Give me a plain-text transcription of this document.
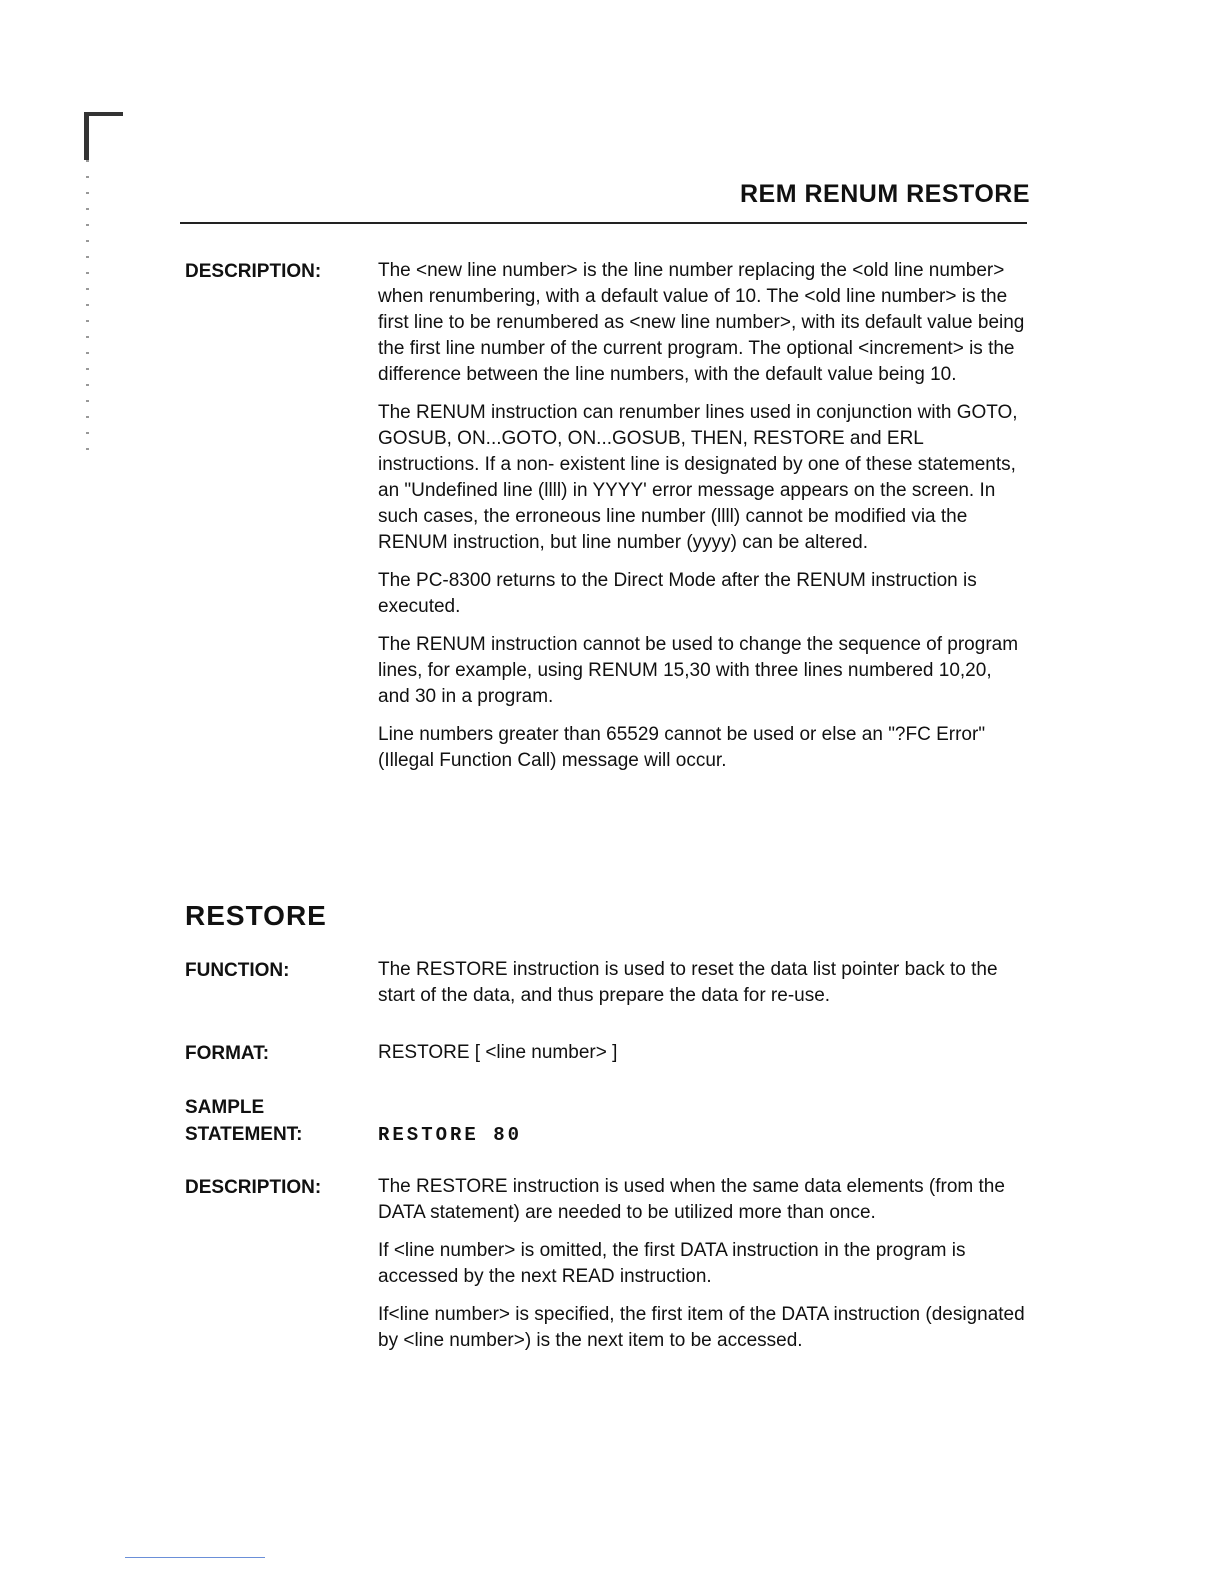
REM RENUM RESTORE
DESCRIPTION:	The <new line number> is the line number replacing the <old line number> when renumbering, with a default value of 10. The <old line number> is the first line to be renumbered as <new line number>, with its default value being the first line number of the current program. The optional <increment> is the difference between the line numbers, with the default value being 10.

The RENUM instruction can renumber lines used in conjunction with GOTO, GOSUB, ON...GOTO, ON...GOSUB, THEN, RESTORE and ERL instructions. If a non- existent line is designated by one of these statements, an "Undefined line (llll) in YYYY' error message appears on the screen. In such cases, the erroneous line number (llll) cannot be modified via the RENUM instruction, but line number (yyyy) can be altered.

The PC-8300 returns to the Direct Mode after the RENUM instruction is executed.

The RENUM instruction cannot be used to change the sequence of program lines, for example, using RENUM 15,30 with three lines numbered 10,20, and 30 in a program.

Line numbers greater than 65529 cannot be used or else an "?FC Error" (Illegal Function Call) message will occur.

RESTORE
FUNCTION:	The RESTORE instruction is used to reset the data list pointer back to the start of the data, and thus prepare the data for re-use.

FORMAT:	RESTORE [ <line number> ]
SAMPLE
STATEMENT:	RESTORE 80
DESCRIPTION:	The RESTORE instruction is used when the same data elements (from the DATA statement) are needed to be utilized more than once.

If <line number> is omitted, the first DATA instruction in the program is accessed by the next READ instruction.

If<line number> is specified, the first item of the DATA instruction (designated by <line number>) is the next item to be accessed.
